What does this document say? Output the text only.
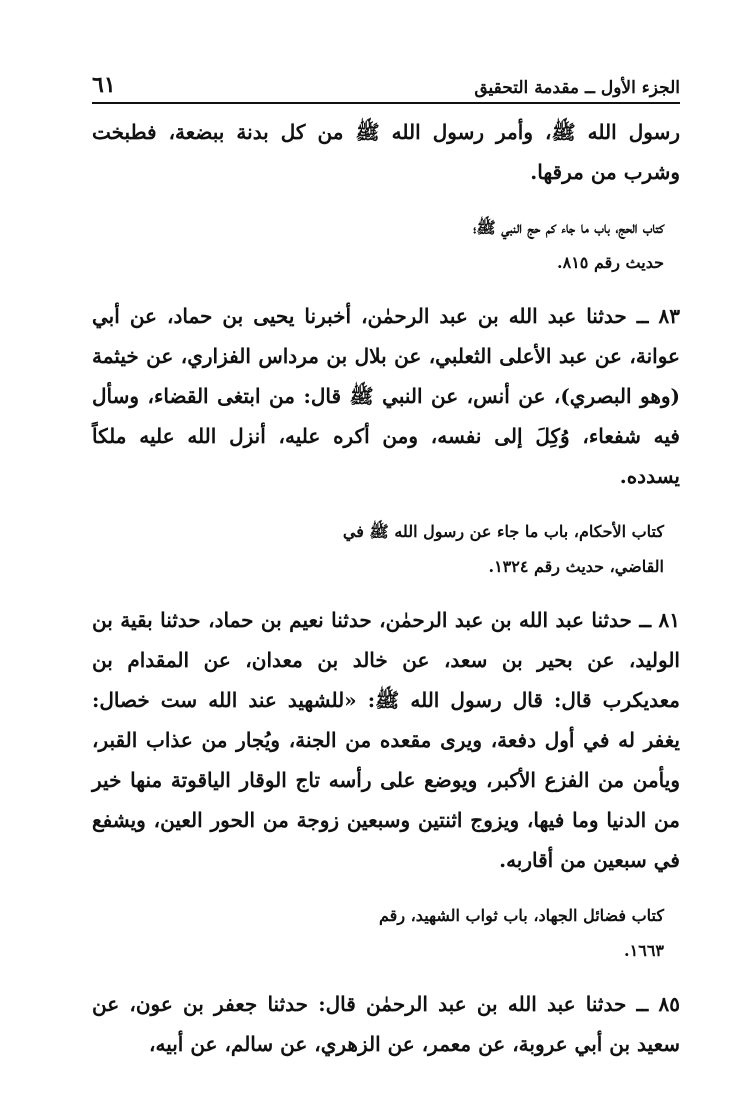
الجزء الأول ــ مقدمة التحقيق
٦١

رسول الله ﷺ، وأمر رسول الله ﷺ من كل بدنة ببضعة، فطبخت وشرب من مرقها.

كتاب الحج، باب ما جاء كم حج النبي ﷺ؛
حديث رقم ٨١٥.

٨٣ ــ حدثنا عبد الله بن عبد الرحمٰن، أخبرنا يحيى بن حماد، عن أبي عوانة، عن عبد الأعلى الثعلبي، عن بلال بن مرداس الفزاري، عن خيثمة (وهو البصري)، عن أنس، عن النبي ﷺ قال: من ابتغى القضاء، وسأل فيه شفعاء، وُكِلَ إلى نفسه، ومن أكره عليه، أنزل الله عليه ملكاً يسدده.

كتاب الأحكام، باب ما جاء عن رسول الله ﷺ في
القاضي، حديث رقم ١٣٢٤.

٨١ ــ حدثنا عبد الله بن عبد الرحمٰن، حدثنا نعيم بن حماد، حدثنا بقية بن الوليد، عن بحير بن سعد، عن خالد بن معدان، عن المقدام بن معديكرب قال: قال رسول الله ﷺ: «للشهيد عند الله ست خصال: يغفر له في أول دفعة، ويرى مقعده من الجنة، ويُجار من عذاب القبر، ويأمن من الفزع الأكبر، ويوضع على رأسه تاج الوقار الياقوتة منها خير من الدنيا وما فيها، ويزوج اثنتين وسبعين زوجة من الحور العين، ويشفع في سبعين من أقاربه.

كتاب فضائل الجهاد، باب ثواب الشهيد، رقم
١٦٦٣.

٨٥ ــ حدثنا عبد الله بن عبد الرحمٰن قال: حدثنا جعفر بن عون، عن سعيد بن أبي عروبة، عن معمر، عن الزهري، عن سالم، عن أبيه،
